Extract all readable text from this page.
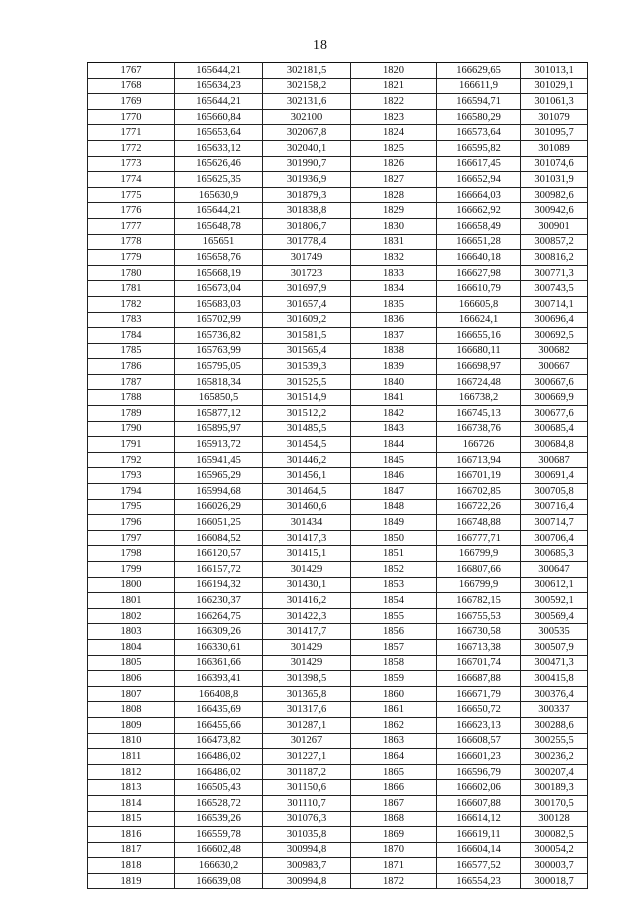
18
1767	165644,21	302181,5	1820	166629,65	301013,1
1768	165634,23	302158,2	1821	166611,9	301029,1
1769	165644,21	302131,6	1822	166594,71	301061,3
1770	165660,84	302100	1823	166580,29	301079
1771	165653,64	302067,8	1824	166573,64	301095,7
1772	165633,12	302040,1	1825	166595,82	301089
1773	165626,46	301990,7	1826	166617,45	301074,6
1774	165625,35	301936,9	1827	166652,94	301031,9
1775	165630,9	301879,3	1828	166664,03	300982,6
1776	165644,21	301838,8	1829	166662,92	300942,6
1777	165648,78	301806,7	1830	166658,49	300901
1778	165651	301778,4	1831	166651,28	300857,2
1779	165658,76	301749	1832	166640,18	300816,2
1780	165668,19	301723	1833	166627,98	300771,3
1781	165673,04	301697,9	1834	166610,79	300743,5
1782	165683,03	301657,4	1835	166605,8	300714,1
1783	165702,99	301609,2	1836	166624,1	300696,4
1784	165736,82	301581,5	1837	166655,16	300692,5
1785	165763,99	301565,4	1838	166680,11	300682
1786	165795,05	301539,3	1839	166698,97	300667
1787	165818,34	301525,5	1840	166724,48	300667,6
1788	165850,5	301514,9	1841	166738,2	300669,9
1789	165877,12	301512,2	1842	166745,13	300677,6
1790	165895,97	301485,5	1843	166738,76	300685,4
1791	165913,72	301454,5	1844	166726	300684,8
1792	165941,45	301446,2	1845	166713,94	300687
1793	165965,29	301456,1	1846	166701,19	300691,4
1794	165994,68	301464,5	1847	166702,85	300705,8
1795	166026,29	301460,6	1848	166722,26	300716,4
1796	166051,25	301434	1849	166748,88	300714,7
1797	166084,52	301417,3	1850	166777,71	300706,4
1798	166120,57	301415,1	1851	166799,9	300685,3
1799	166157,72	301429	1852	166807,66	300647
1800	166194,32	301430,1	1853	166799,9	300612,1
1801	166230,37	301416,2	1854	166782,15	300592,1
1802	166264,75	301422,3	1855	166755,53	300569,4
1803	166309,26	301417,7	1856	166730,58	300535
1804	166330,61	301429	1857	166713,38	300507,9
1805	166361,66	301429	1858	166701,74	300471,3
1806	166393,41	301398,5	1859	166687,88	300415,8
1807	166408,8	301365,8	1860	166671,79	300376,4
1808	166435,69	301317,6	1861	166650,72	300337
1809	166455,66	301287,1	1862	166623,13	300288,6
1810	166473,82	301267	1863	166608,57	300255,5
1811	166486,02	301227,1	1864	166601,23	300236,2
1812	166486,02	301187,2	1865	166596,79	300207,4
1813	166505,43	301150,6	1866	166602,06	300189,3
1814	166528,72	301110,7	1867	166607,88	300170,5
1815	166539,26	301076,3	1868	166614,12	300128
1816	166559,78	301035,8	1869	166619,11	300082,5
1817	166602,48	300994,8	1870	166604,14	300054,2
1818	166630,2	300983,7	1871	166577,52	300003,7
1819	166639,08	300994,8	1872	166554,23	300018,7
